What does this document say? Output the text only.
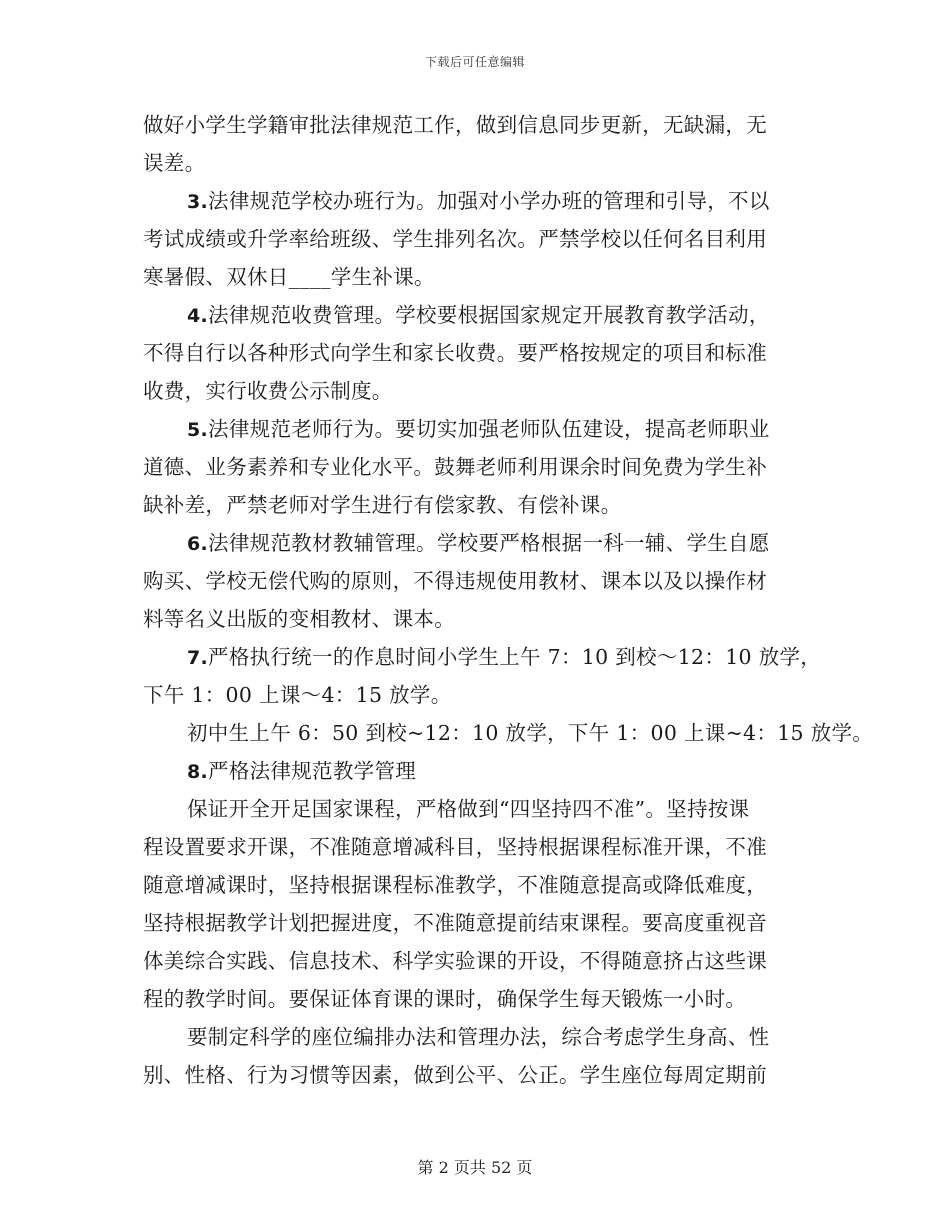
下载后可任意编辑
做好小学生学籍审批法律规范工作，做到信息同步更新，无缺漏，无
误差。
3.法律规范学校办班行为。加强对小学办班的管理和引导，不以
考试成绩或升学率给班级、学生排列名次。严禁学校以任何名目利用
寒暑假、双休日____学生补课。
4.法律规范收费管理。学校要根据国家规定开展教育教学活动，
不得自行以各种形式向学生和家长收费。要严格按规定的项目和标准
收费，实行收费公示制度。
5.法律规范老师行为。要切实加强老师队伍建设，提高老师职业
道德、业务素养和专业化水平。鼓舞老师利用课余时间免费为学生补
缺补差，严禁老师对学生进行有偿家教、有偿补课。
6.法律规范教材教辅管理。学校要严格根据一科一辅、学生自愿
购买、学校无偿代购的原则，不得违规使用教材、课本以及以操作材
料等名义出版的变相教材、课本。
7.严格执行统一的作息时间小学生上午 7：10 到校～12：10 放学，
下午 1：00 上课～4：15 放学。
初中生上午 6：50 到校~12：10 放学，下午 1：00 上课~4：15 放学。
8.严格法律规范教学管理
保证开全开足国家课程，严格做到“四坚持四不准”。坚持按课
程设置要求开课，不准随意增减科目，坚持根据课程标准开课，不准
随意增减课时，坚持根据课程标准教学，不准随意提高或降低难度，
坚持根据教学计划把握进度，不准随意提前结束课程。要高度重视音
体美综合实践、信息技术、科学实验课的开设，不得随意挤占这些课
程的教学时间。要保证体育课的课时，确保学生每天锻炼一小时。
要制定科学的座位编排办法和管理办法，综合考虑学生身高、性
别、性格、行为习惯等因素，做到公平、公正。学生座位每周定期前
第 2 页共 52 页
